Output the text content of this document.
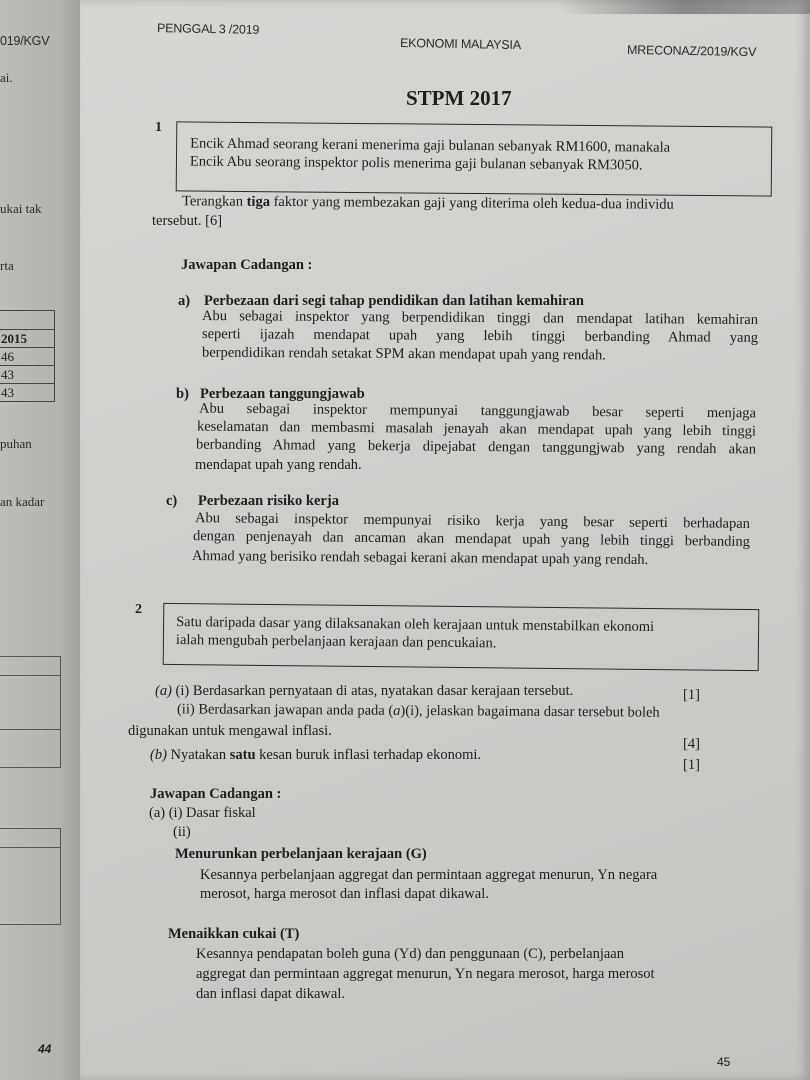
019/KGV
ai.
ukai tak
rta
puhan
an kadar
2015
46
43
43
44
PENGGAL 3 /2019
EKONOMI MALAYSIA	MRECONAZ/2019/KGV
STPM 2017
1
Encik Ahmad seorang kerani menerima gaji bulanan sebanyak RM1600, manakala
Encik Abu seorang inspektor polis menerima gaji bulanan sebanyak RM3050.
Terangkan tiga faktor yang membezakan gaji yang diterima oleh kedua-dua individu
tersebut. [6]
Jawapan Cadangan :
a) Perbezaan dari segi tahap pendidikan dan latihan kemahiran
Abu sebagai inspektor yang berpendidikan tinggi dan mendapat latihan kemahiran
seperti ijazah mendapat upah yang lebih tinggi berbanding Ahmad yang
berpendidikan rendah setakat SPM akan mendapat upah yang rendah.
b) Perbezaan tanggungjawab
Abu sebagai inspektor mempunyai tanggungjawab besar seperti menjaga
keselamatan dan membasmi masalah jenayah akan mendapat upah yang lebih tinggi
berbanding Ahmad yang bekerja dipejabat dengan tanggungjwab yang rendah akan
mendapat upah yang rendah.
c) Perbezaan risiko kerja
Abu sebagai inspektor mempunyai risiko kerja yang besar seperti berhadapan
dengan penjenayah dan ancaman akan mendapat upah yang lebih tinggi berbanding
Ahmad yang berisiko rendah sebagai kerani akan mendapat upah yang rendah.
2
Satu daripada dasar yang dilaksanakan oleh kerajaan untuk menstabilkan ekonomi
ialah mengubah perbelanjaan kerajaan dan pencukaian.
(a) (i) Berdasarkan pernyataan di atas, nyatakan dasar kerajaan tersebut.	[1]
(ii) Berdasarkan jawapan anda pada (a)(i), jelaskan bagaimana dasar tersebut boleh
digunakan untuk mengawal inflasi.
[4]
(b) Nyatakan satu kesan buruk inflasi terhadap ekonomi.
[1]
Jawapan Cadangan :
(a) (i) Dasar fiskal
(ii)
Menurunkan perbelanjaan kerajaan (G)
Kesannya perbelanjaan aggregat dan permintaan aggregat menurun, Yn negara
merosot, harga merosot dan inflasi dapat dikawal.
Menaikkan cukai (T)
Kesannya pendapatan boleh guna (Yd) dan penggunaan (C), perbelanjaan
aggregat dan permintaan aggregat menurun, Yn negara merosot, harga merosot
dan inflasi dapat dikawal.
45
